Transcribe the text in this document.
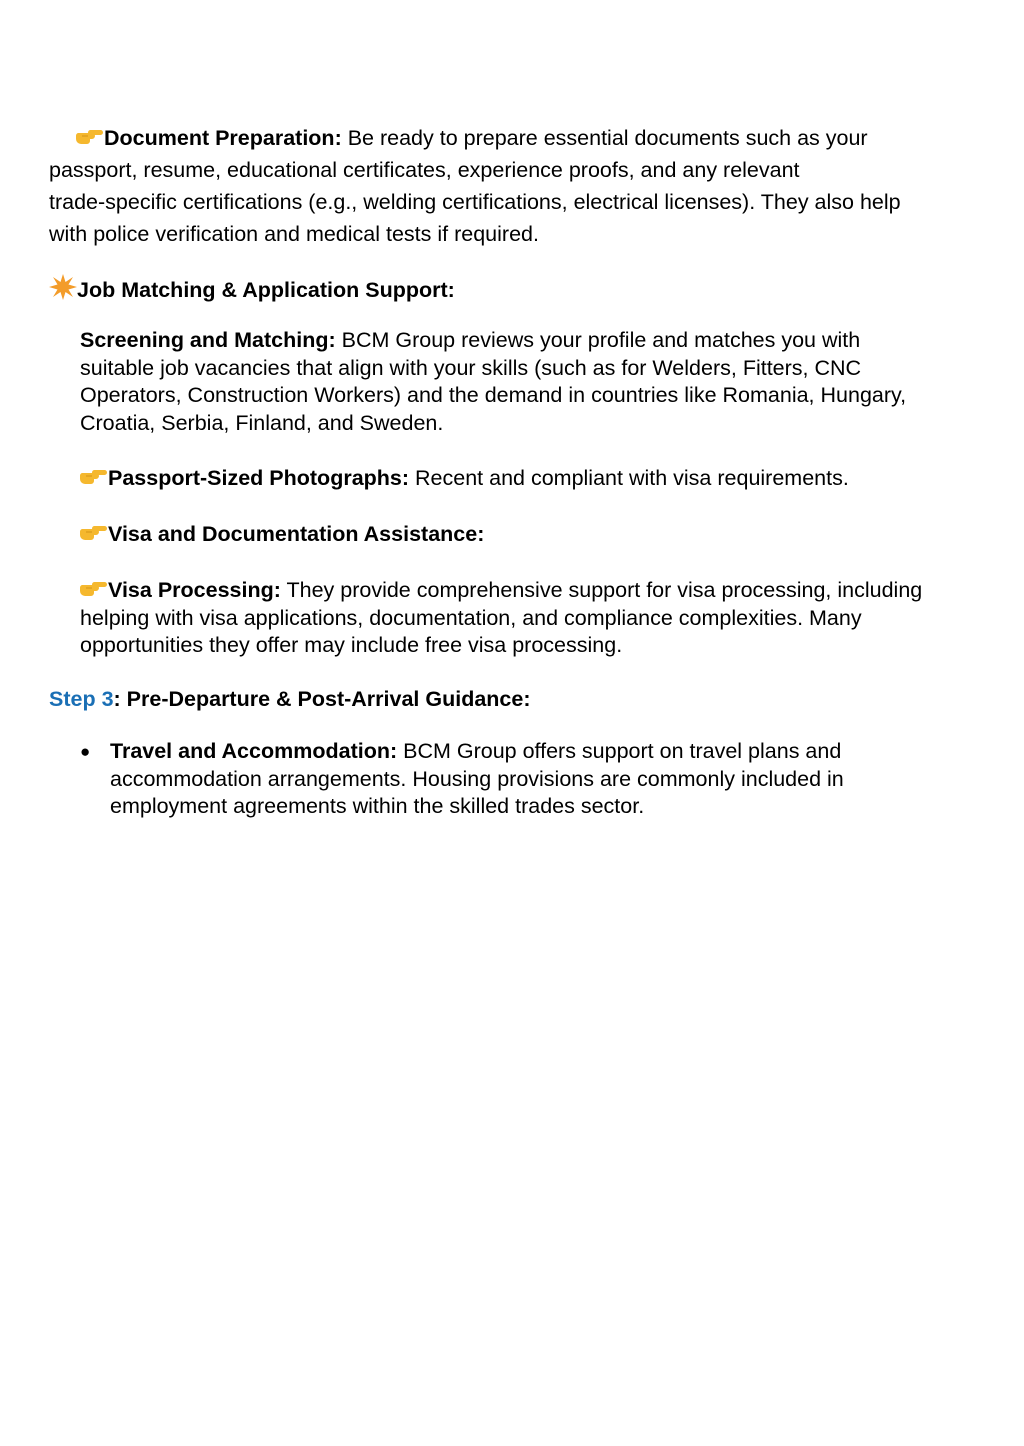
Document Preparation: Be ready to prepare essential documents such as your

passport, resume, educational certificates, experience proofs, and any relevant

trade-specific certifications (e.g., welding certifications, electrical licenses). They also help

with police verification and medical tests if required.

Job Matching & Application Support:

Screening and Matching: BCM Group reviews your profile and matches you with

suitable job vacancies that align with your skills (such as for Welders, Fitters, CNC

Operators, Construction Workers) and the demand in countries like Romania, Hungary,

Croatia, Serbia, Finland, and Sweden.

Passport-Sized Photographs: Recent and compliant with visa requirements.

Visa and Documentation Assistance:

Visa Processing: They provide comprehensive support for visa processing, including

helping with visa applications, documentation, and compliance complexities. Many

opportunities they offer may include free visa processing.

Step 3: Pre-Departure & Post-Arrival Guidance:

● Travel and Accommodation: BCM Group offers support on travel plans and

accommodation arrangements. Housing provisions are commonly included in

employment agreements within the skilled trades sector.
